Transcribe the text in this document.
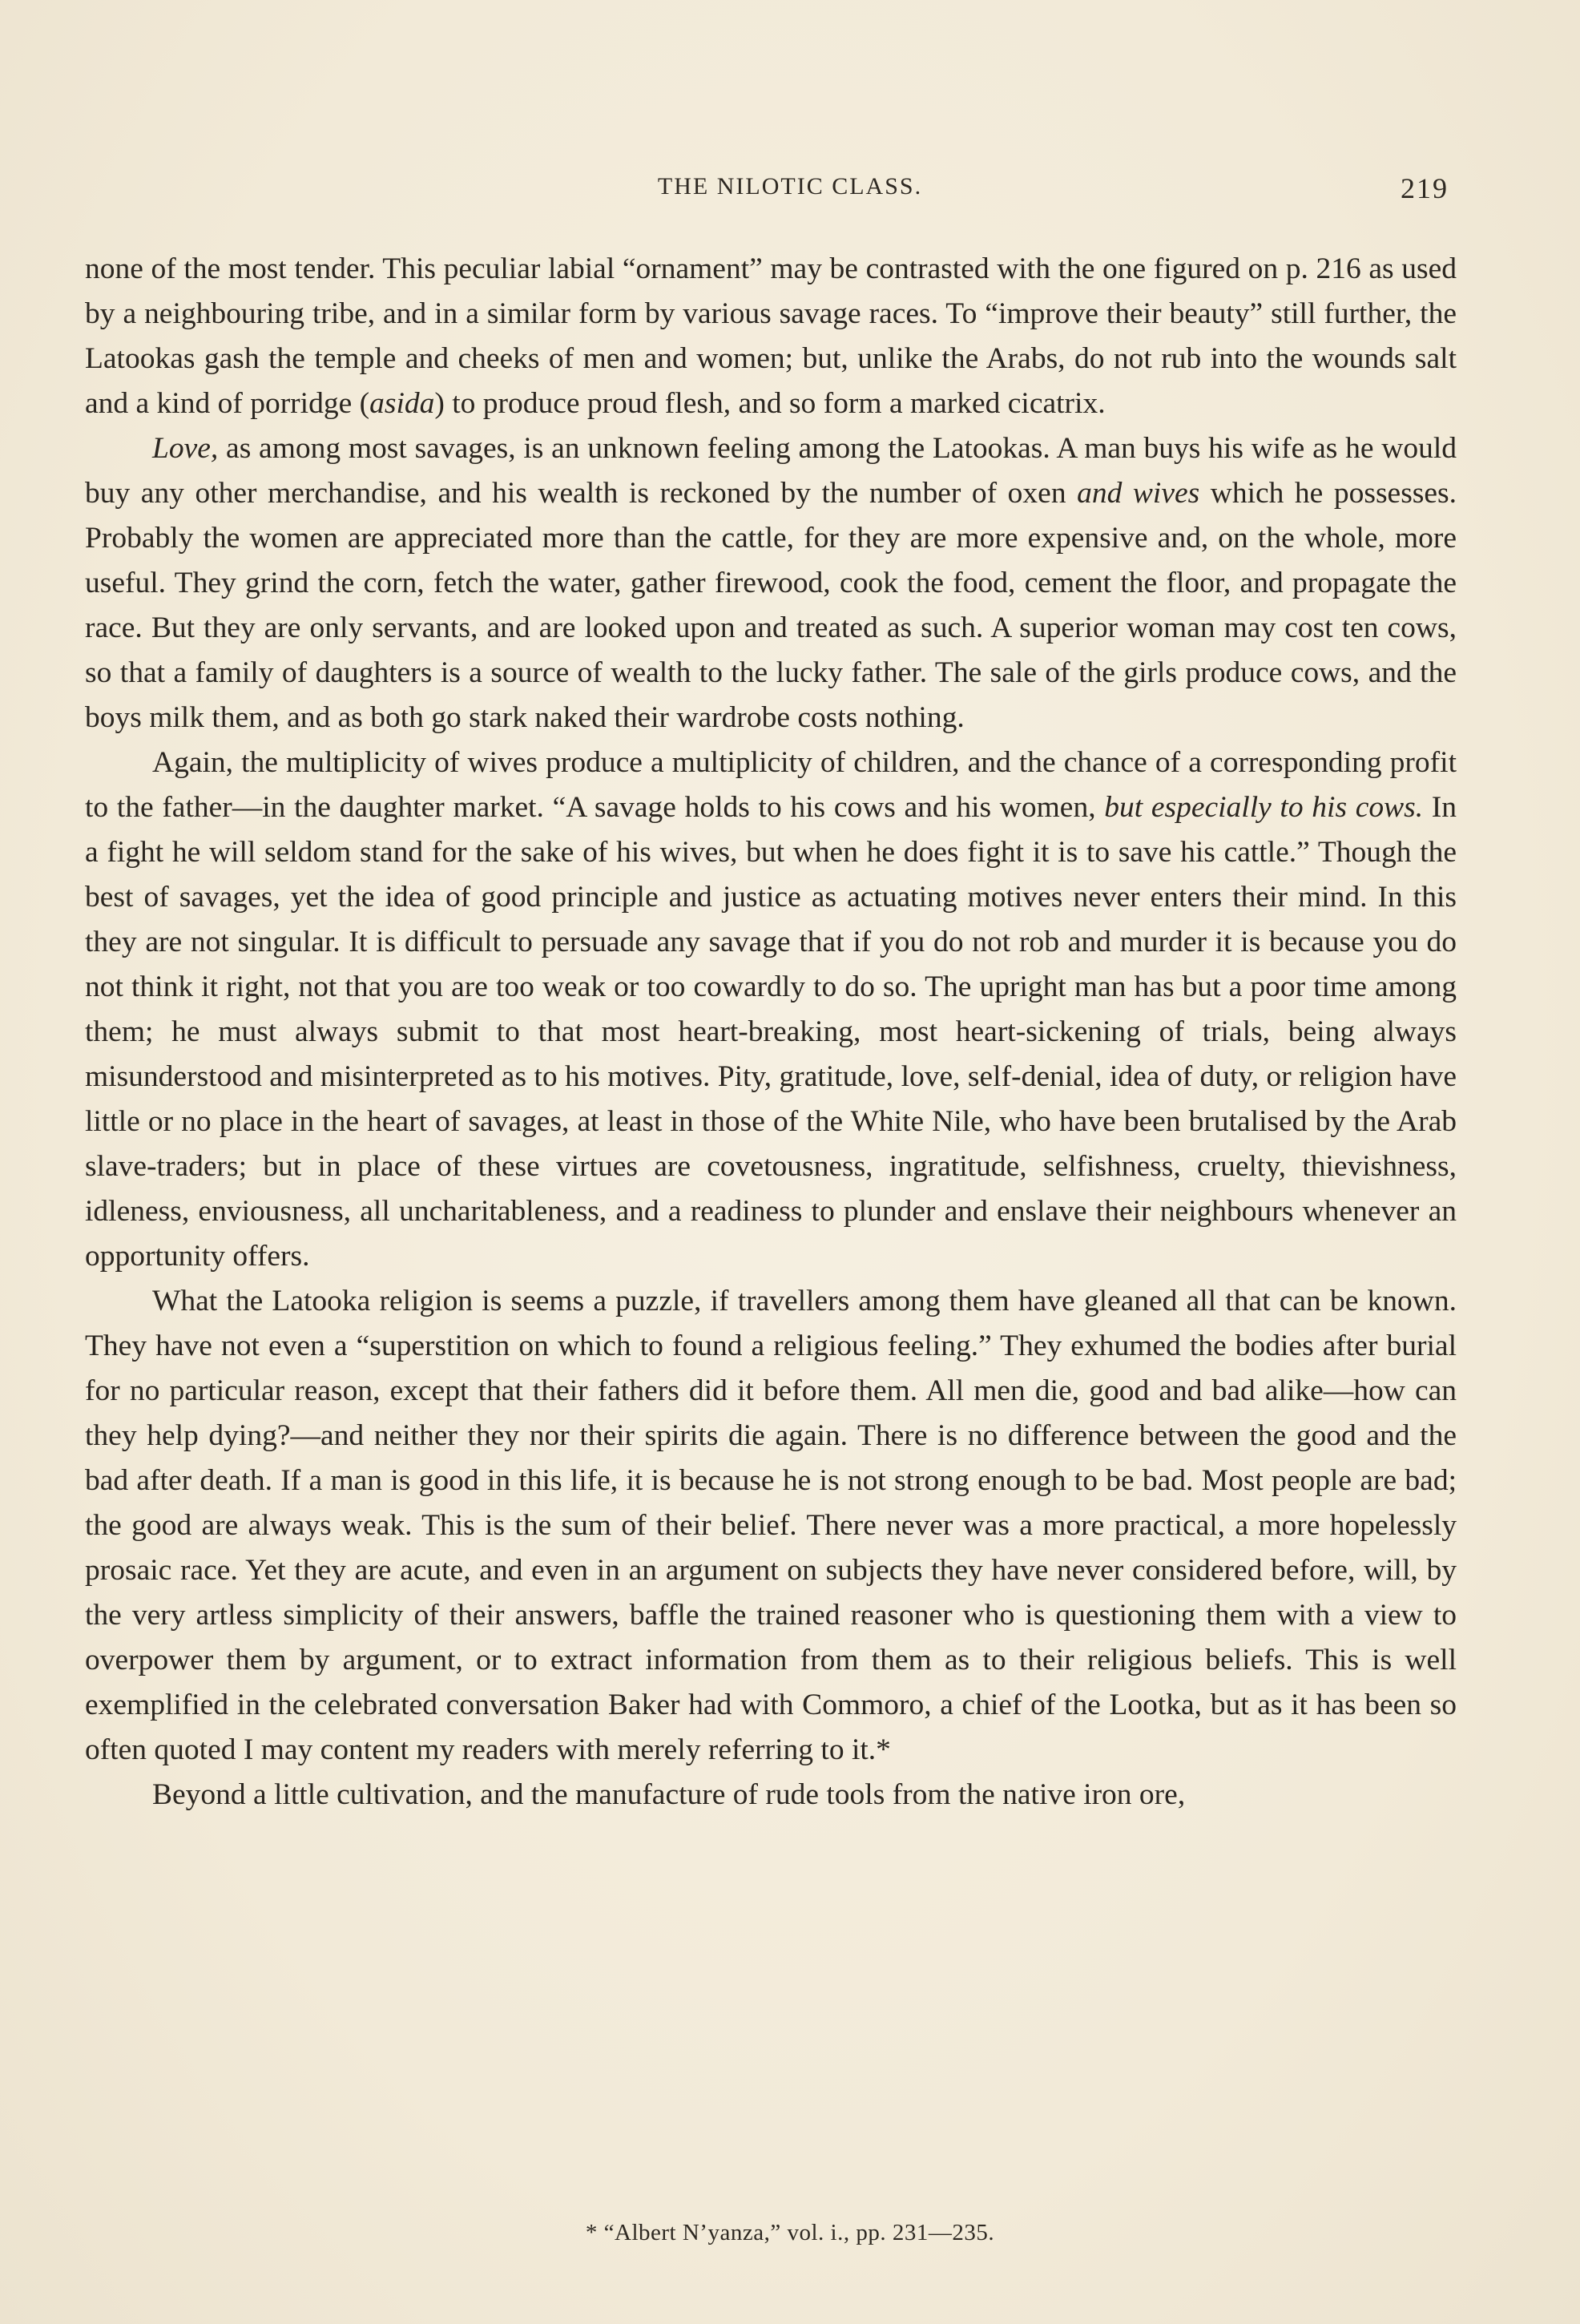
THE NILOTIC CLASS.	219

none of the most tender. This peculiar labial “ornament” may be contrasted with the one figured on p. 216 as used by a neighbouring tribe, and in a similar form by various savage races. To “improve their beauty” still further, the Latookas gash the temple and cheeks of men and women; but, unlike the Arabs, do not rub into the wounds salt and a kind of porridge (asida) to produce proud flesh, and so form a marked cicatrix.

Love, as among most savages, is an unknown feeling among the Latookas. A man buys his wife as he would buy any other merchandise, and his wealth is reckoned by the number of oxen and wives which he possesses. Probably the women are appreciated more than the cattle, for they are more expensive and, on the whole, more useful. They grind the corn, fetch the water, gather firewood, cook the food, cement the floor, and propagate the race. But they are only servants, and are looked upon and treated as such. A superior woman may cost ten cows, so that a family of daughters is a source of wealth to the lucky father. The sale of the girls produce cows, and the boys milk them, and as both go stark naked their wardrobe costs nothing.

Again, the multiplicity of wives produce a multiplicity of children, and the chance of a corresponding profit to the father—in the daughter market. “A savage holds to his cows and his women, but especially to his cows. In a fight he will seldom stand for the sake of his wives, but when he does fight it is to save his cattle.” Though the best of savages, yet the idea of good principle and justice as actuating motives never enters their mind. In this they are not singular. It is difficult to persuade any savage that if you do not rob and murder it is because you do not think it right, not that you are too weak or too cowardly to do so. The upright man has but a poor time among them; he must always submit to that most heart-breaking, most heart-sickening of trials, being always misunderstood and misinterpreted as to his motives. Pity, gratitude, love, self-denial, idea of duty, or religion have little or no place in the heart of savages, at least in those of the White Nile, who have been brutalised by the Arab slave-traders; but in place of these virtues are covetousness, ingratitude, selfishness, cruelty, thievishness, idleness, enviousness, all uncharitableness, and a readiness to plunder and enslave their neighbours whenever an opportunity offers.

What the Latooka religion is seems a puzzle, if travellers among them have gleaned all that can be known. They have not even a “superstition on which to found a religious feeling.” They exhumed the bodies after burial for no particular reason, except that their fathers did it before them. All men die, good and bad alike—how can they help dying?—and neither they nor their spirits die again. There is no difference between the good and the bad after death. If a man is good in this life, it is because he is not strong enough to be bad. Most people are bad; the good are always weak. This is the sum of their belief. There never was a more practical, a more hopelessly prosaic race. Yet they are acute, and even in an argument on subjects they have never considered before, will, by the very artless simplicity of their answers, baffle the trained reasoner who is questioning them with a view to overpower them by argument, or to extract information from them as to their religious beliefs. This is well exemplified in the celebrated conversation Baker had with Commoro, a chief of the Lootka, but as it has been so often quoted I may content my readers with merely referring to it.*

Beyond a little cultivation, and the manufacture of rude tools from the native iron ore,

* “Albert N’yanza,” vol. i., pp. 231—235.
